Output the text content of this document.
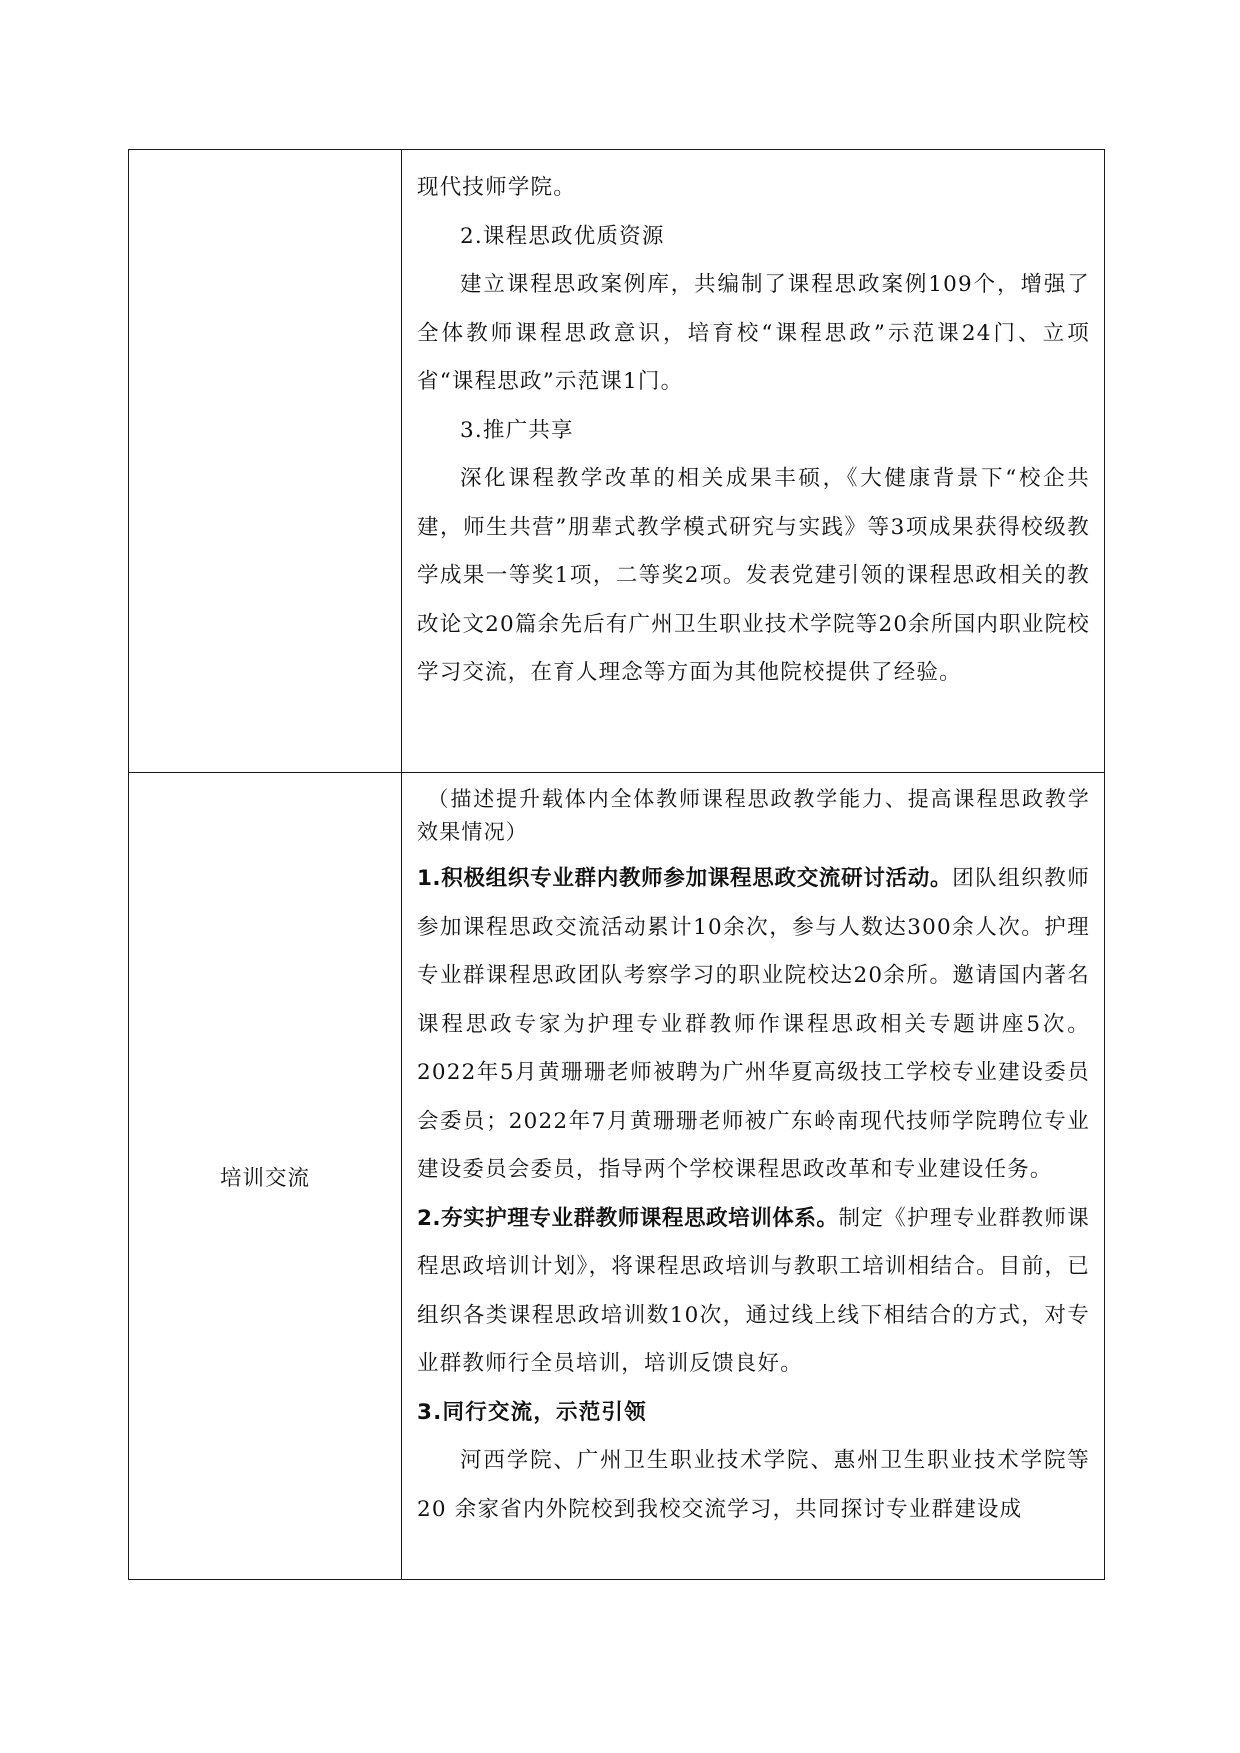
	现代技师学院。

2.课程思政优质资源

建立课程思政案例库，共编制了课程思政案例109个，增强了全体教师课程思政意识，培育校“课程思政”示范课24门、立项省“课程思政”示范课1门。

3.推广共享

深化课程教学改革的相关成果丰硕，《大健康背景下“校企共建，师生共营”朋辈式教学模式研究与实践》等3项成果获得校级教学成果一等奖1项，二等奖2项。发表党建引领的课程思政相关的教改论文20篇余先后有广州卫生职业技术学院等20余所国内职业院校学习交流，在育人理念等方面为其他院校提供了经验。

培训交流	（描述提升载体内全体教师课程思政教学能力、提高课程思政教学效果情况）

1.积极组织专业群内教师参加课程思政交流研讨活动。团队组织教师参加课程思政交流活动累计10余次，参与人数达300余人次。护理专业群课程思政团队考察学习的职业院校达20余所。邀请国内著名课程思政专家为护理专业群教师作课程思政相关专题讲座5次。2022年5月黄珊珊老师被聘为广州华夏高级技工学校专业建设委员会委员；2022年7月黄珊珊老师被广东岭南现代技师学院聘位专业建设委员会委员，指导两个学校课程思政改革和专业建设任务。

2.夯实护理专业群教师课程思政培训体系。制定《护理专业群教师课程思政培训计划》，将课程思政培训与教职工培训相结合。目前，已组织各类课程思政培训数10次，通过线上线下相结合的方式，对专业群教师行全员培训，培训反馈良好。

3.同行交流，示范引领

河西学院、广州卫生职业技术学院、惠州卫生职业技术学院等 20 余家省内外院校到我校交流学习，共同探讨专业群建设成
